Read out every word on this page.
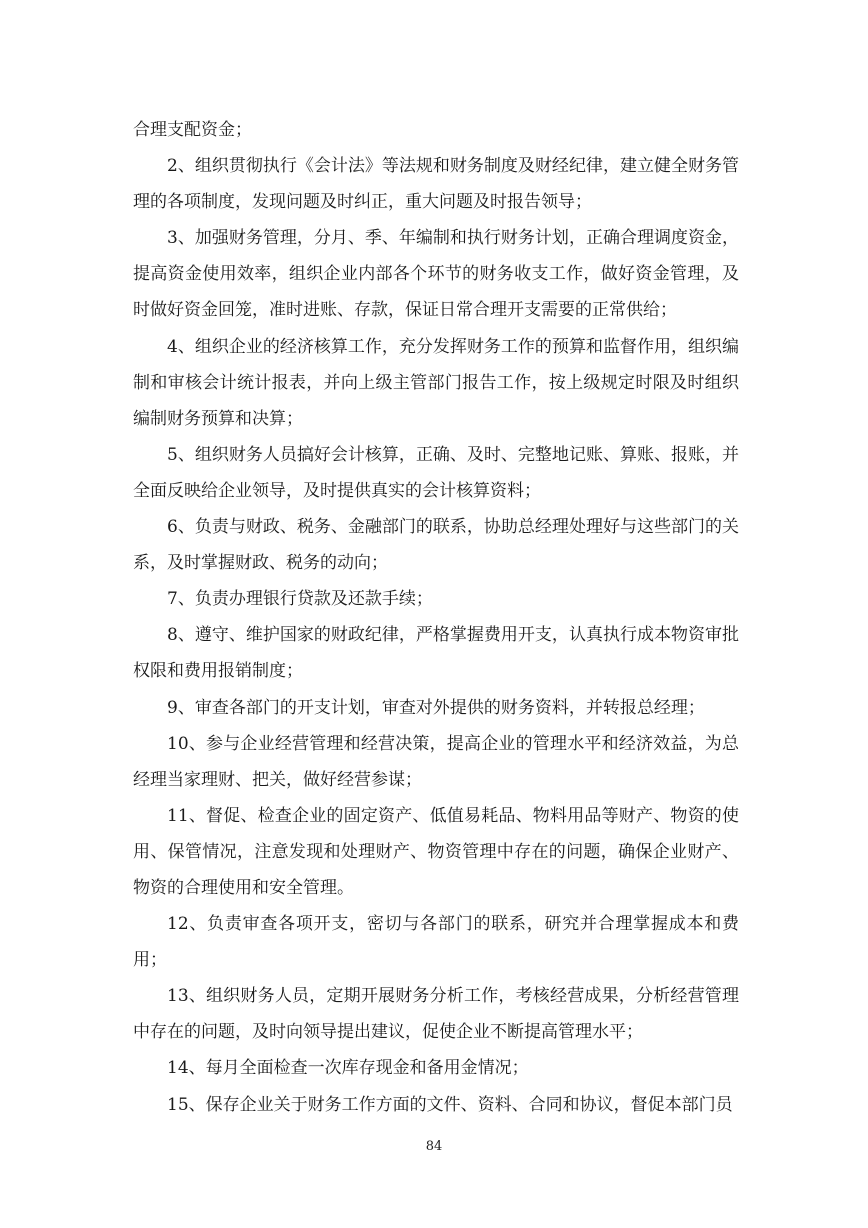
合理支配资金；

2、组织贯彻执行《会计法》等法规和财务制度及财经纪律，建立健全财务管理的各项制度，发现问题及时纠正，重大问题及时报告领导；

3、加强财务管理，分月、季、年编制和执行财务计划，正确合理调度资金，提高资金使用效率，组织企业内部各个环节的财务收支工作，做好资金管理，及时做好资金回笼，准时进账、存款，保证日常合理开支需要的正常供给；

4、组织企业的经济核算工作，充分发挥财务工作的预算和监督作用，组织编制和审核会计统计报表，并向上级主管部门报告工作，按上级规定时限及时组织编制财务预算和决算；

5、组织财务人员搞好会计核算，正确、及时、完整地记账、算账、报账，并全面反映给企业领导，及时提供真实的会计核算资料；

6、负责与财政、税务、金融部门的联系，协助总经理处理好与这些部门的关系，及时掌握财政、税务的动向；

7、负责办理银行贷款及还款手续；

8、遵守、维护国家的财政纪律，严格掌握费用开支，认真执行成本物资审批权限和费用报销制度；

9、审查各部门的开支计划，审查对外提供的财务资料，并转报总经理；

10、参与企业经营管理和经营决策，提高企业的管理水平和经济效益，为总经理当家理财、把关，做好经营参谋；

11、督促、检查企业的固定资产、低值易耗品、物料用品等财产、物资的使用、保管情况，注意发现和处理财产、物资管理中存在的问题，确保企业财产、物资的合理使用和安全管理。

12、负责审查各项开支，密切与各部门的联系，研究并合理掌握成本和费用；

13、组织财务人员，定期开展财务分析工作，考核经营成果，分析经营管理中存在的问题，及时向领导提出建议，促使企业不断提高管理水平；

14、每月全面检查一次库存现金和备用金情况；

15、保存企业关于财务工作方面的文件、资料、合同和协议，督促本部门员

84
